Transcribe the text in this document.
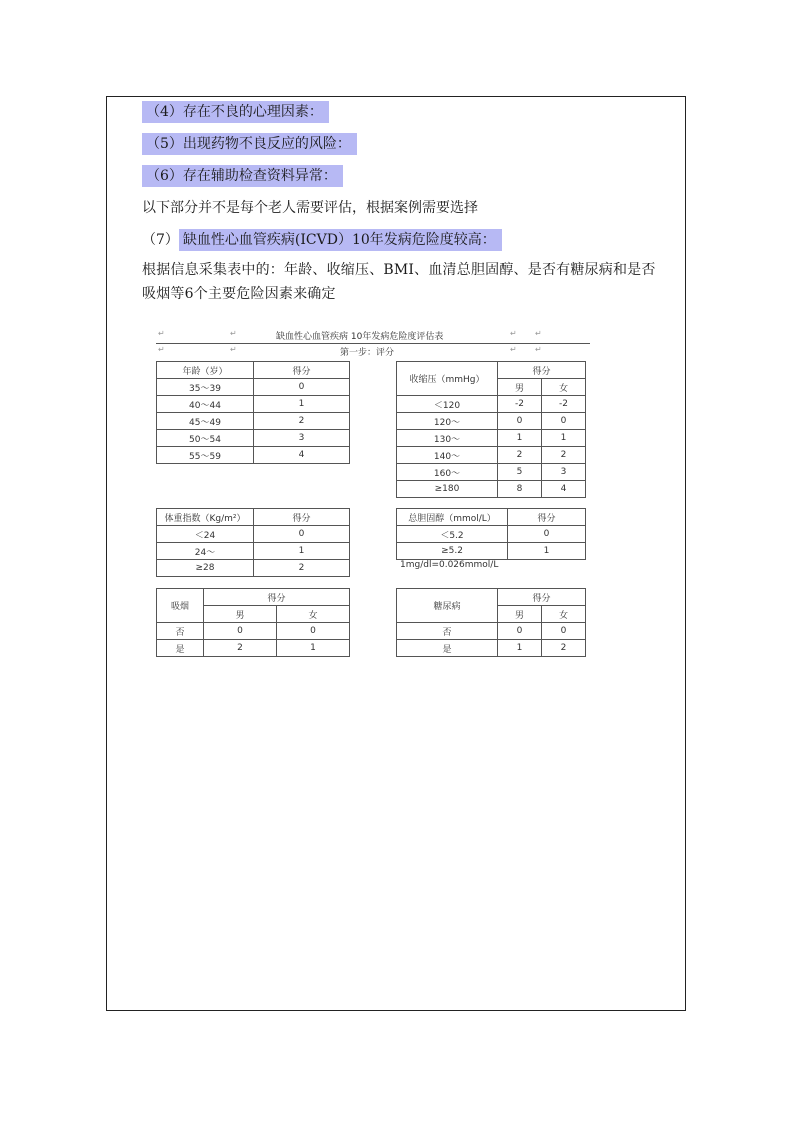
（4）存在不良的心理因素：
（5）出现药物不良反应的风险：
（6）存在辅助检查资料异常：
以下部分并不是每个老人需要评估，根据案例需要选择
（7） 缺血性心血管疾病(ICVD）10年发病危险度较高：
根据信息采集表中的：年龄、收缩压、BMI、血清总胆固醇、是否有糖尿病和是否吸烟等6个主要危险因素来确定
缺血性心血管疾病 10年发病危险度评估表
第一步：评分
↵	↵	↵ ↵
↵	↵	↵ ↵
年龄（岁）	得分
35～39	0
40～44	1
45～49	2
50～54	3
55～59	4
收缩压（mmHg）	得分	
	男	女
＜120	-2	-2
120～	0	0
130～	1	1
140～	2	2
160～	5	3
≥180	8	4
体重指数（Kg/m²）	得分
＜24	0
24～	1
≥28	2
总胆固醇（mmol/L）	得分
＜5.2	0
≥5.2	1
1mg/dl=0.026mmol/L
吸烟	得分	
	男	女
否	0	0
是	2	1
糖尿病	得分	
	男	女
否	0	0
是	1	2
